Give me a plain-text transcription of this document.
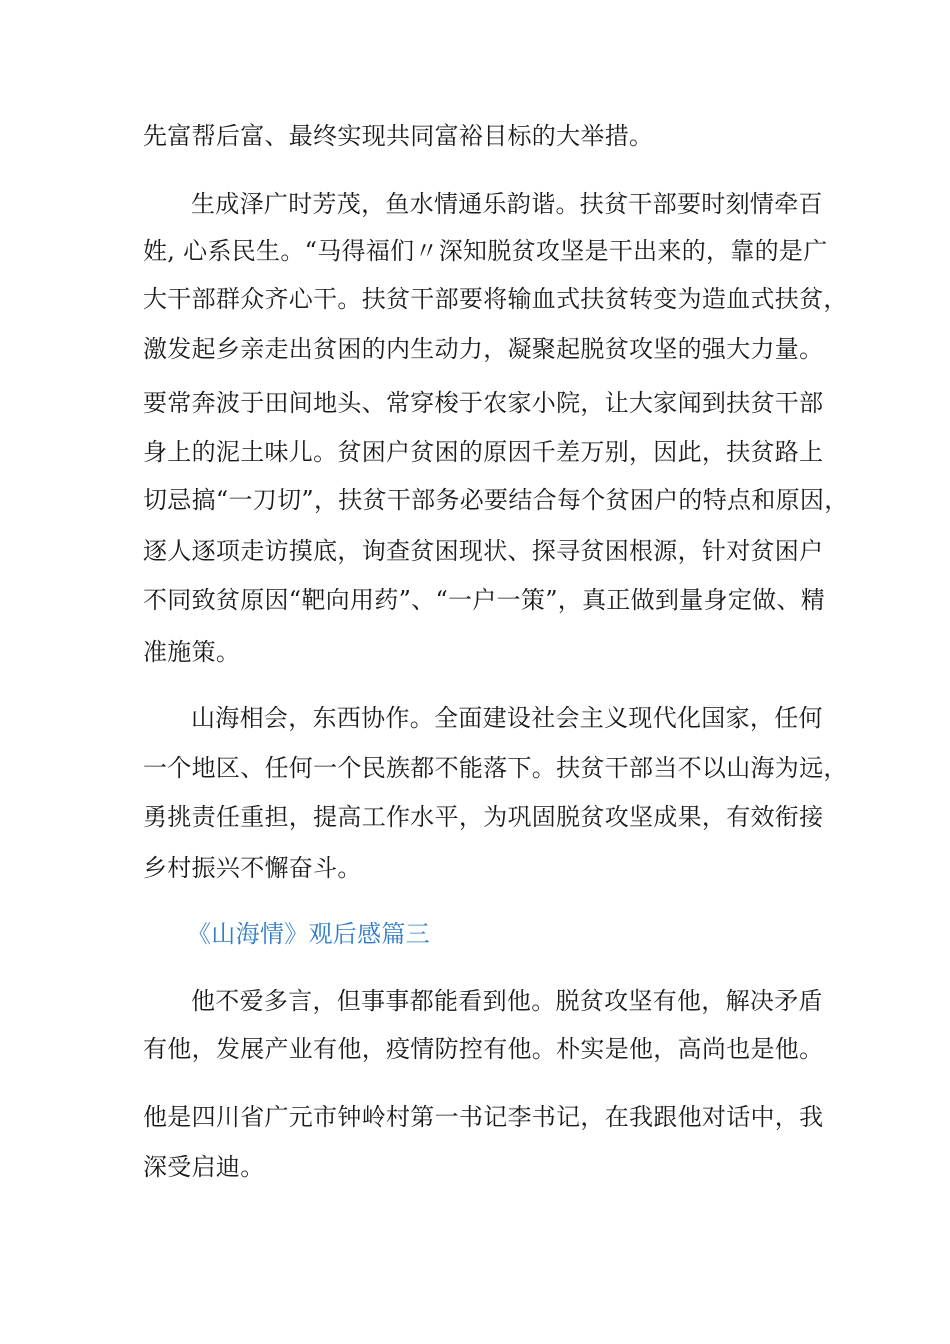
先富帮后富、最终实现共同富裕目标的大举措。
生成泽广时芳茂，鱼水情通乐韵谐。扶贫干部要时刻情牵百
姓, 心系民生。“马得福们〃深知脱贫攻坚是干出来的，靠的是广
大干部群众齐心干。扶贫干部要将输血式扶贫转变为造血式扶贫，
激发起乡亲走出贫困的内生动力，凝聚起脱贫攻坚的强大力量。
要常奔波于田间地头、常穿梭于农家小院，让大家闻到扶贫干部
身上的泥土味儿。贫困户贫困的原因千差万别，因此，扶贫路上
切忌搞“一刀切”，扶贫干部务必要结合每个贫困户的特点和原因，
逐人逐项走访摸底，询查贫困现状、探寻贫困根源，针对贫困户
不同致贫原因“靶向用药”、“一户一策”，真正做到量身定做、精
准施策。
山海相会，东西协作。全面建设社会主义现代化国家，任何
一个地区、任何一个民族都不能落下。扶贫干部当不以山海为远，
勇挑责任重担，提高工作水平，为巩固脱贫攻坚成果，有效衔接
乡村振兴不懈奋斗。
《山海情》观后感篇三
他不爱多言，但事事都能看到他。脱贫攻坚有他，解决矛盾
有他，发展产业有他，疫情防控有他。朴实是他，高尚也是他。
他是四川省广元市钟岭村第一书记李书记，在我跟他对话中，我
深受启迪。
